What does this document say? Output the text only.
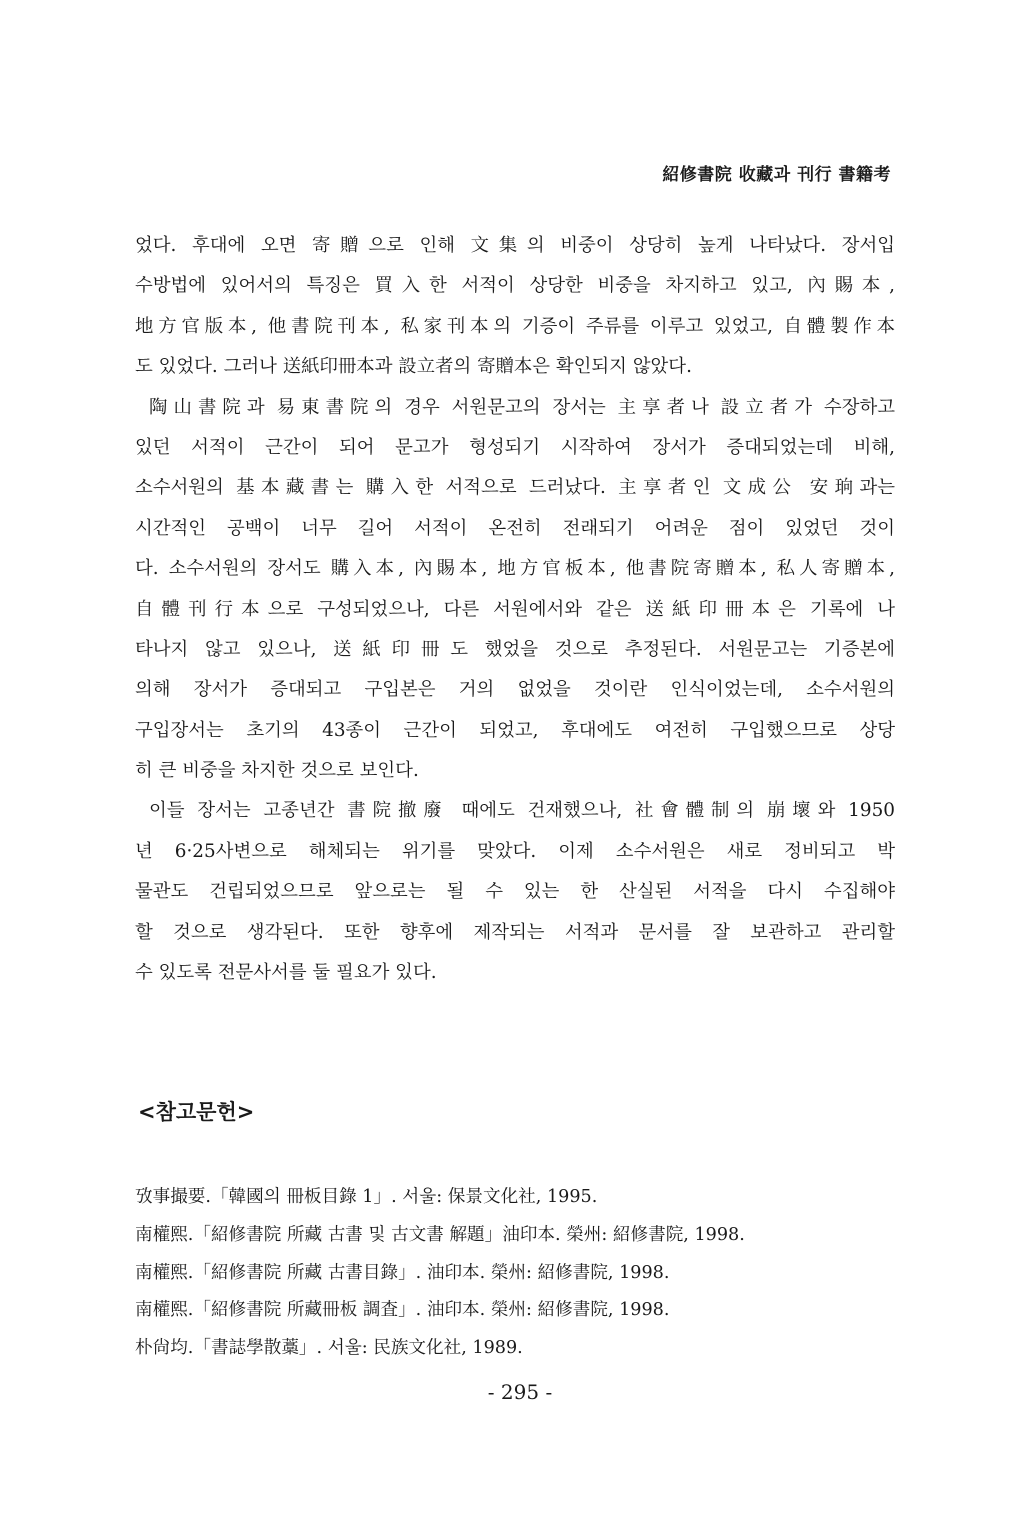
紹修書院 收藏과 刊行 書籍考
었다. 후대에 오면 寄贈으로 인해 文集의 비중이 상당히 높게 나타났다. 장서입
수방법에 있어서의 특징은 買入한 서적이 상당한 비중을 차지하고 있고, 內賜本,
地方官版本, 他書院刊本, 私家刊本의 기증이 주류를 이루고 있었고, 自體製作本
도 있었다. 그러나 送紙印冊本과 設立者의 寄贈本은 확인되지 않았다.
陶山書院과 易東書院의 경우 서원문고의 장서는 主享者나 設立者가 수장하고
있던 서적이 근간이 되어 문고가 형성되기 시작하여 장서가 증대되었는데 비해,
소수서원의 基本藏書는 購入한 서적으로 드러났다. 主享者인 文成公 安珦과는
시간적인 공백이 너무 길어 서적이 온전히 전래되기 어려운 점이 있었던 것이
다. 소수서원의 장서도 購入本, 內賜本, 地方官板本, 他書院寄贈本, 私人寄贈本,
自體刊行本으로 구성되었으나, 다른 서원에서와 같은 送紙印冊本은 기록에 나
타나지 않고 있으나, 送紙印冊도 했었을 것으로 추정된다. 서원문고는 기증본에
의해 장서가 증대되고 구입본은 거의 없었을 것이란 인식이었는데, 소수서원의
구입장서는 초기의 43종이 근간이 되었고, 후대에도 여전히 구입했으므로 상당
히 큰 비중을 차지한 것으로 보인다.
이들 장서는 고종년간 書院撤廢 때에도 건재했으나, 社會體制의 崩壞와 1950
년 6·25사변으로 해체되는 위기를 맞았다. 이제 소수서원은 새로 정비되고 박
물관도 건립되었으므로 앞으로는 될 수 있는 한 산실된 서적을 다시 수집해야
할 것으로 생각된다. 또한 향후에 제작되는 서적과 문서를 잘 보관하고 관리할
수 있도록 전문사서를 둘 필요가 있다.
<참고문헌>
攷事撮要.「韓國의 冊板目錄 1」. 서울: 保景文化社, 1995.
南權熙.「紹修書院 所藏 古書 및 古文書 解題」油印本. 榮州: 紹修書院, 1998.
南權熙.「紹修書院 所藏 古書目錄」. 油印本. 榮州: 紹修書院, 1998.
南權熙.「紹修書院 所藏冊板 調査」. 油印本. 榮州: 紹修書院, 1998.
朴尙均.「書誌學散藁」. 서울: 民族文化社, 1989.
- 295 -
